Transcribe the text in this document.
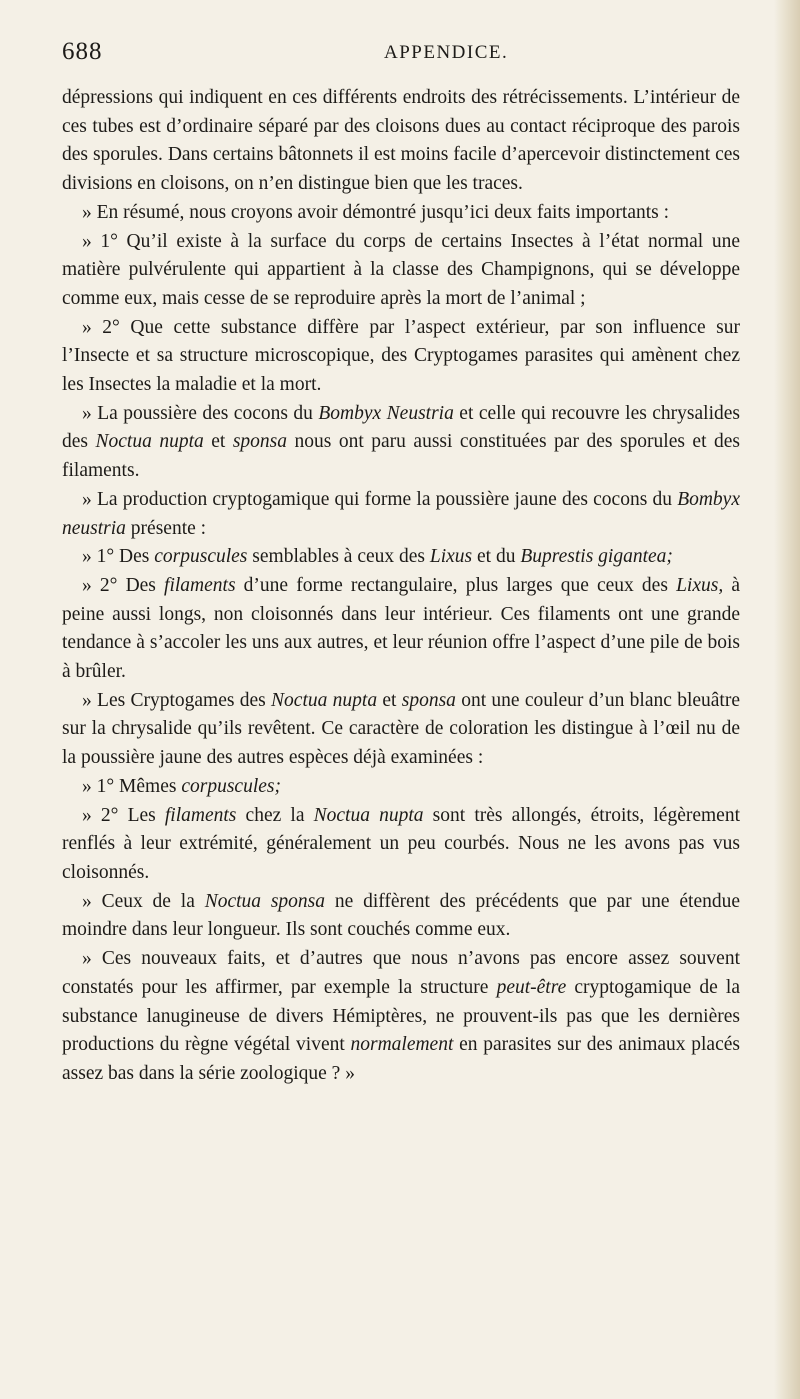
688	APPENDICE.

dépressions qui indiquent en ces différents endroits des rétrécissements. L’intérieur de ces tubes est d’ordinaire séparé par des cloisons dues au contact réciproque des parois des sporules. Dans certains bâtonnets il est moins facile d’apercevoir distinctement ces divisions en cloisons, on n’en distingue bien que les traces.

» En résumé, nous croyons avoir démontré jusqu’ici deux faits importants :

» 1° Qu’il existe à la surface du corps de certains Insectes à l’état normal une matière pulvérulente qui appartient à la classe des Champignons, qui se développe comme eux, mais cesse de se reproduire après la mort de l’animal ;

» 2° Que cette substance diffère par l’aspect extérieur, par son influence sur l’Insecte et sa structure microscopique, des Cryptogames parasites qui amènent chez les Insectes la maladie et la mort.

» La poussière des cocons du Bombyx Neustria et celle qui recouvre les chrysalides des Noctua nupta et sponsa nous ont paru aussi constituées par des sporules et des filaments.

» La production cryptogamique qui forme la poussière jaune des cocons du Bombyx neustria présente :

» 1° Des corpuscules semblables à ceux des Lixus et du Buprestis gigantea;

» 2° Des filaments d’une forme rectangulaire, plus larges que ceux des Lixus, à peine aussi longs, non cloisonnés dans leur intérieur. Ces filaments ont une grande tendance à s’accoler les uns aux autres, et leur réunion offre l’aspect d’une pile de bois à brûler.

» Les Cryptogames des Noctua nupta et sponsa ont une couleur d’un blanc bleuâtre sur la chrysalide qu’ils revêtent. Ce caractère de coloration les distingue à l’œil nu de la poussière jaune des autres espèces déjà examinées :

» 1° Mêmes corpuscules;

» 2° Les filaments chez la Noctua nupta sont très allongés, étroits, légèrement renflés à leur extrémité, généralement un peu courbés. Nous ne les avons pas vus cloisonnés.

» Ceux de la Noctua sponsa ne diffèrent des précédents que par une étendue moindre dans leur longueur. Ils sont couchés comme eux.

» Ces nouveaux faits, et d’autres que nous n’avons pas encore assez souvent constatés pour les affirmer, par exemple la structure peut-être cryptogamique de la substance lanugineuse de divers Hémiptères, ne prouvent-ils pas que les dernières productions du règne végétal vivent normalement en parasites sur des animaux placés assez bas dans la série zoologique ? »
